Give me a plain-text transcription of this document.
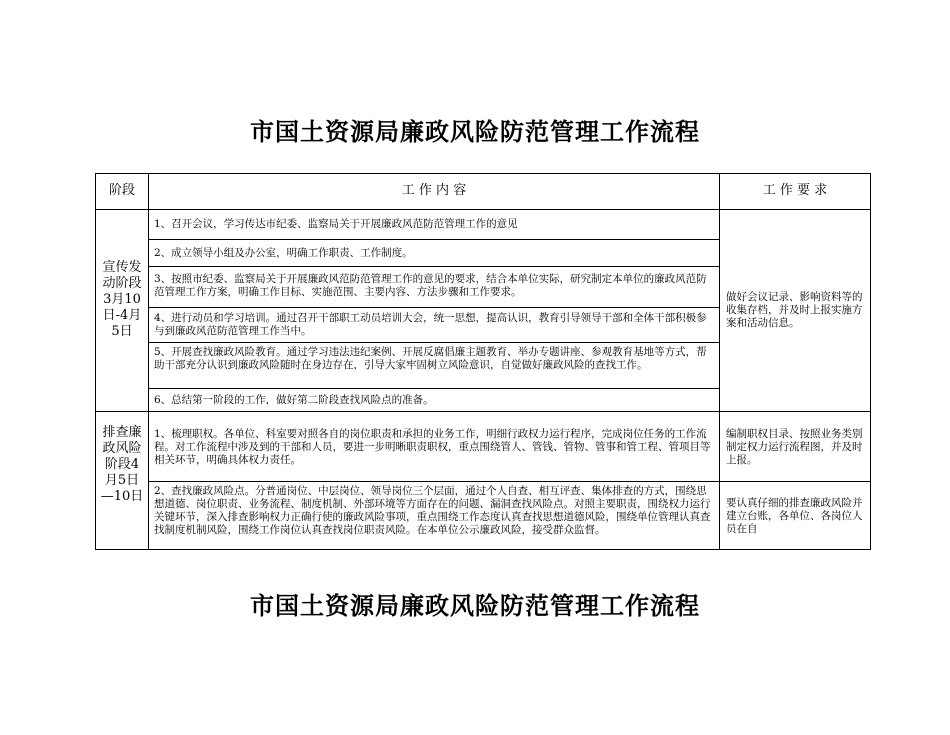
市国土资源局廉政风险防范管理工作流程
阶段	工 作 内 容	工 作 要 求
宣传发动阶段3月10日-4月5日
1、召开会议，学习传达市纪委、监察局关于开展廉政风范防范管理工作的意见
2、成立领导小组及办公室，明确工作职责、工作制度。
3、按照市纪委、监察局关于开展廉政风范防范管理工作的意见的要求，结合本单位实际，研究制定本单位的廉政风范防范管理工作方案，明确工作目标、实施范围、主要内容、方法步骤和工作要求。
4、进行动员和学习培训。通过召开干部职工动员培训大会，统一思想，提高认识，教育引导领导干部和全体干部积极参与到廉政风范防范管理工作当中。
5、开展查找廉政风险教育。通过学习违法违纪案例、开展反腐倡廉主题教育、举办专题讲座、参观教育基地等方式，帮助干部充分认识到廉政风险随时在身边存在，引导大家牢固树立风险意识，自觉做好廉政风险的查找工作。
6、总结第一阶段的工作，做好第二阶段查找风险点的准备。
做好会议记录、影响资料等的收集存档，并及时上报实施方案和活动信息。
排查廉政风险阶段4月5日—10日
1、梳理职权。各单位、科室要对照各自的岗位职责和承担的业务工作，明细行政权力运行程序，完成岗位任务的工作流程。对工作流程中涉及到的干部和人员，要进一步明晰职责职权，重点围绕管人、管钱、管物、管事和管工程、管项目等相关环节，明确具体权力责任。
编制职权目录、按照业务类别制定权力运行流程图，并及时上报。
2、查找廉政风险点。分普通岗位、中层岗位、领导岗位三个层面，通过个人自查、相互评查、集体排查的方式，围绕思想道德、岗位职责、业务流程、制度机制、外部环境等方面存在的问题、漏洞查找风险点。对照主要职责，围绕权力运行关键环节，深入排查影响权力正确行使的廉政风险事项，重点围绕工作态度认真查找思想道德风险，围绕单位管理认真查找制度机制风险，围绕工作岗位认真查找岗位职责风险。在本单位公示廉政风险，接受群众监督。
要认真仔细的排查廉政风险并建立台账，各单位、各岗位人员在自
市国土资源局廉政风险防范管理工作流程
